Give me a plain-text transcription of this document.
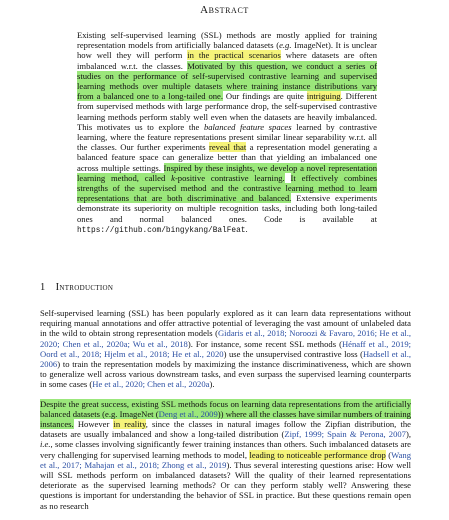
Abstract
Existing self-supervised learning (SSL) methods are mostly applied for training representation models from artificially balanced datasets (e.g. ImageNet). It is unclear how well they will perform in the practical scenarios where datasets are often imbalanced w.r.t. the classes. Motivated by this question, we conduct a series of studies on the performance of self-supervised contrastive learning and supervised learning methods over multiple datasets where training instance distributions vary from a balanced one to a long-tailed one. Our findings are quite intriguing. Different from supervised methods with large performance drop, the self-supervised contrastive learning methods perform stably well even when the datasets are heavily imbalanced. This motivates us to explore the balanced feature spaces learned by contrastive learning, where the feature representations present similar linear separability w.r.t. all the classes. Our further experiments reveal that a representation model generating a balanced feature space can generalize better than that yielding an imbalanced one across multiple settings. Inspired by these insights, we develop a novel representation learning method, called k-positive contrastive learning. It effectively combines strengths of the supervised method and the contrastive learning method to learn representations that are both discriminative and balanced. Extensive experiments demonstrate its superiority on multiple recognition tasks, including both long-tailed ones and normal balanced ones. Code is available at https://github.com/bingykang/BalFeat.
1 Introduction

Self-supervised learning (SSL) has been popularly explored as it can learn data representations without requiring manual annotations and offer attractive potential of leveraging the vast amount of unlabeled data in the wild to obtain strong representation models (Gidaris et al., 2018; Noroozi & Favaro, 2016; He et al., 2020; Chen et al., 2020a; Wu et al., 2018). For instance, some recent SSL methods (Hénaff et al., 2019; Oord et al., 2018; Hjelm et al., 2018; He et al., 2020) use the unsupervised contrastive loss (Hadsell et al., 2006) to train the representation models by maximizing the instance discriminativeness, which are shown to generalize well across various downstream tasks, and even surpass the supervised learning counterparts in some cases (He et al., 2020; Chen et al., 2020a).

Despite the great success, existing SSL methods focus on learning data representations from the artificially balanced datasets (e.g. ImageNet (Deng et al., 2009)) where all the classes have similar numbers of training instances. However in reality, since the classes in natural images follow the Zipfian distribution, the datasets are usually imbalanced and show a long-tailed distribution (Zipf, 1999; Spain & Perona, 2007), i.e., some classes involving significantly fewer training instances than others. Such imbalanced datasets are very challenging for supervised learning methods to model, leading to noticeable performance drop (Wang et al., 2017; Mahajan et al., 2018; Zhong et al., 2019). Thus several interesting questions arise: How well will SSL methods perform on imbalanced datasets? Will the quality of their learned representations deteriorate as the supervised learning methods? Or can they perform stably well? Answering these questions is important for understanding the behavior of SSL in practice. But these questions remain open as no research
